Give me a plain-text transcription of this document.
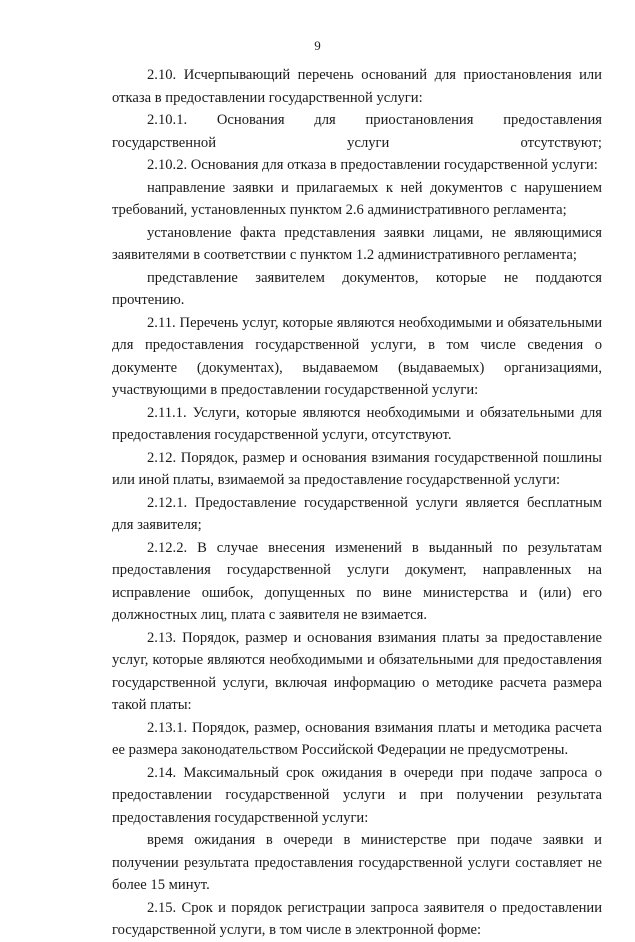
9

2.10. Исчерпывающий перечень оснований для приостановления или отказа в предоставлении государственной услуги:

2.10.1. Основания для приостановления предоставления государственной услуги отсутствуют;

2.10.2. Основания для отказа в предоставлении государственной услуги:

направление заявки и прилагаемых к ней документов с нарушением требований, установленных пунктом 2.6 административного регламента;

установление факта представления заявки лицами, не являющимися заявителями в соответствии с пунктом 1.2 административного регламента;

представление заявителем документов, которые не поддаются прочтению.

2.11. Перечень услуг, которые являются необходимыми и обязательными для предоставления государственной услуги, в том числе сведения о документе (документах), выдаваемом (выдаваемых) организациями, участвующими в предоставлении государственной услуги:

2.11.1. Услуги, которые являются необходимыми и обязательными для предоставления государственной услуги, отсутствуют.

2.12. Порядок, размер и основания взимания государственной пошлины или иной платы, взимаемой за предоставление государственной услуги:

2.12.1. Предоставление государственной услуги является бесплатным для заявителя;

2.12.2. В случае внесения изменений в выданный по результатам предоставления государственной услуги документ, направленных на исправление ошибок, допущенных по вине министерства и (или) его должностных лиц, плата с заявителя не взимается.

2.13. Порядок, размер и основания взимания платы за предоставление услуг, которые являются необходимыми и обязательными для предоставления государственной услуги, включая информацию о методике расчета размера такой платы:

2.13.1. Порядок, размер, основания взимания платы и методика расчета ее размера законодательством Российской Федерации не предусмотрены.

2.14. Максимальный срок ожидания в очереди при подаче запроса о предоставлении государственной услуги и при получении результата предоставления государственной услуги:

время ожидания в очереди в министерстве при подаче заявки и получении результата предоставления государственной услуги составляет не более 15 минут.

2.15. Срок и порядок регистрации запроса заявителя о предоставлении государственной услуги, в том числе в электронной форме:
